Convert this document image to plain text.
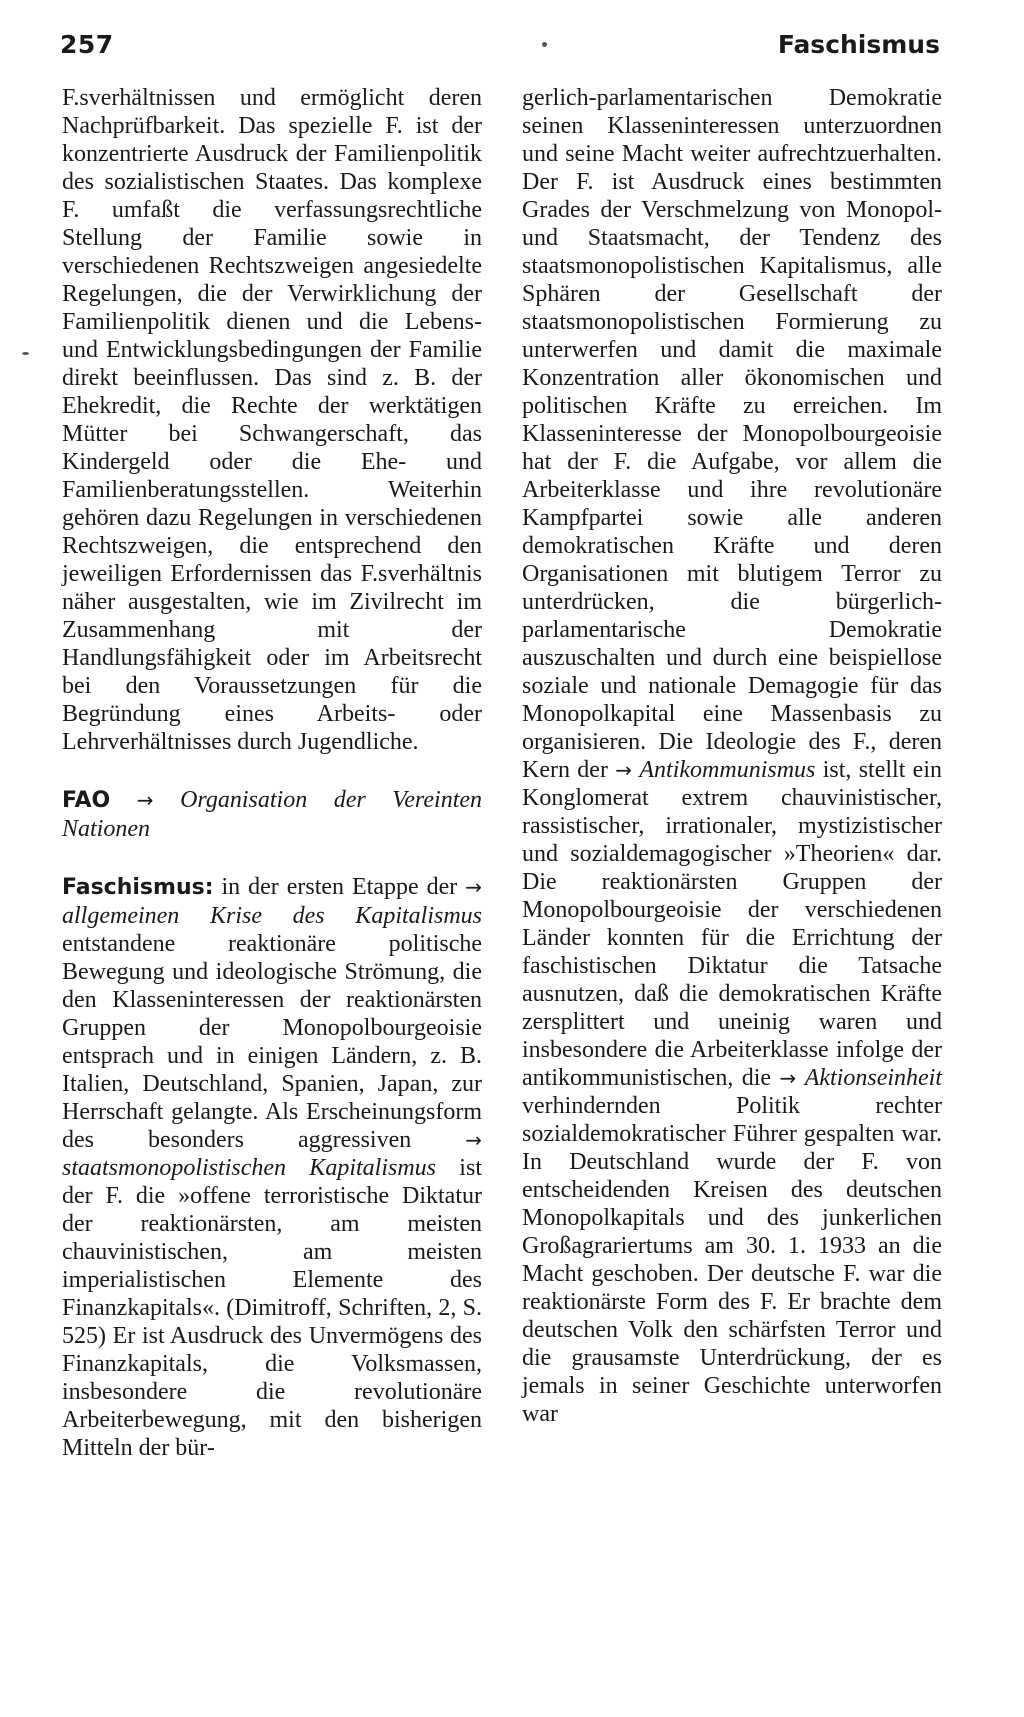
257	Faschismus

F.sverhältnissen und ermöglicht deren Nachprüfbarkeit. Das spezielle F. ist der konzentrierte Ausdruck der Familienpolitik des sozialistischen Staates. Das komplexe F. umfaßt die verfassungsrechtliche Stellung der Familie sowie in verschiedenen Rechtszweigen angesiedelte Regelungen, die der Verwirklichung der Familienpolitik dienen und die Lebens- und Entwicklungsbedingungen der Familie direkt beeinflussen. Das sind z. B. der Ehekredit, die Rechte der werktätigen Mütter bei Schwangerschaft, das Kindergeld oder die Ehe- und Familienberatungsstellen. Weiterhin gehören dazu Regelungen in verschiedenen Rechtszweigen, die entsprechend den jeweiligen Erfordernissen das F.sverhältnis näher ausgestalten, wie im Zivilrecht im Zusammenhang mit der Handlungsfähigkeit oder im Arbeitsrecht bei den Voraussetzungen für die Begründung eines Arbeits- oder Lehrverhältnisses durch Jugendliche.

FAO → Organisation der Vereinten Nationen

Faschismus: in der ersten Etappe der → allgemeinen Krise des Kapitalismus entstandene reaktionäre politische Bewegung und ideologische Strömung, die den Klasseninteressen der reaktionärsten Gruppen der Monopolbourgeoisie entsprach und in einigen Ländern, z. B. Italien, Deutschland, Spanien, Japan, zur Herrschaft gelangte. Als Erscheinungsform des besonders aggressiven → staatsmonopolistischen Kapitalismus ist der F. die »offene terroristische Diktatur der reaktionärsten, am meisten chauvinistischen, am meisten imperialistischen Elemente des Finanzkapitals«. (Dimitroff, Schriften, 2, S. 525) Er ist Ausdruck des Unvermögens des Finanzkapitals, die Volksmassen, insbesondere die revolutionäre Arbeiterbewegung, mit den bisherigen Mitteln der bür-

gerlich-parlamentarischen Demokratie seinen Klasseninteressen unterzuordnen und seine Macht weiter aufrechtzuerhalten. Der F. ist Ausdruck eines bestimmten Grades der Verschmelzung von Monopol- und Staatsmacht, der Tendenz des staatsmonopolistischen Kapitalismus, alle Sphären der Gesellschaft der staatsmonopolistischen Formierung zu unterwerfen und damit die maximale Konzentration aller ökonomischen und politischen Kräfte zu erreichen. Im Klasseninteresse der Monopolbourgeoisie hat der F. die Aufgabe, vor allem die Arbeiterklasse und ihre revolutionäre Kampfpartei sowie alle anderen demokratischen Kräfte und deren Organisationen mit blutigem Terror zu unterdrücken, die bürgerlich-parlamentarische Demokratie auszuschalten und durch eine beispiellose soziale und nationale Demagogie für das Monopolkapital eine Massenbasis zu organisieren. Die Ideologie des F., deren Kern der → Antikommunismus ist, stellt ein Konglomerat extrem chauvinistischer, rassistischer, irrationaler, mystizistischer und sozialdemagogischer »Theorien« dar. Die reaktionärsten Gruppen der Monopolbourgeoisie der verschiedenen Länder konnten für die Errichtung der faschistischen Diktatur die Tatsache ausnutzen, daß die demokratischen Kräfte zersplittert und uneinig waren und insbesondere die Arbeiterklasse infolge der antikommunistischen, die → Aktionseinheit verhindernden Politik rechter sozialdemokratischer Führer gespalten war. In Deutschland wurde der F. von entscheidenden Kreisen des deutschen Monopolkapitals und des junkerlichen Großagrariertums am 30. 1. 1933 an die Macht geschoben. Der deutsche F. war die reaktionärste Form des F. Er brachte dem deutschen Volk den schärfsten Terror und die grausamste Unterdrückung, der es jemals in seiner Geschichte unterworfen war
